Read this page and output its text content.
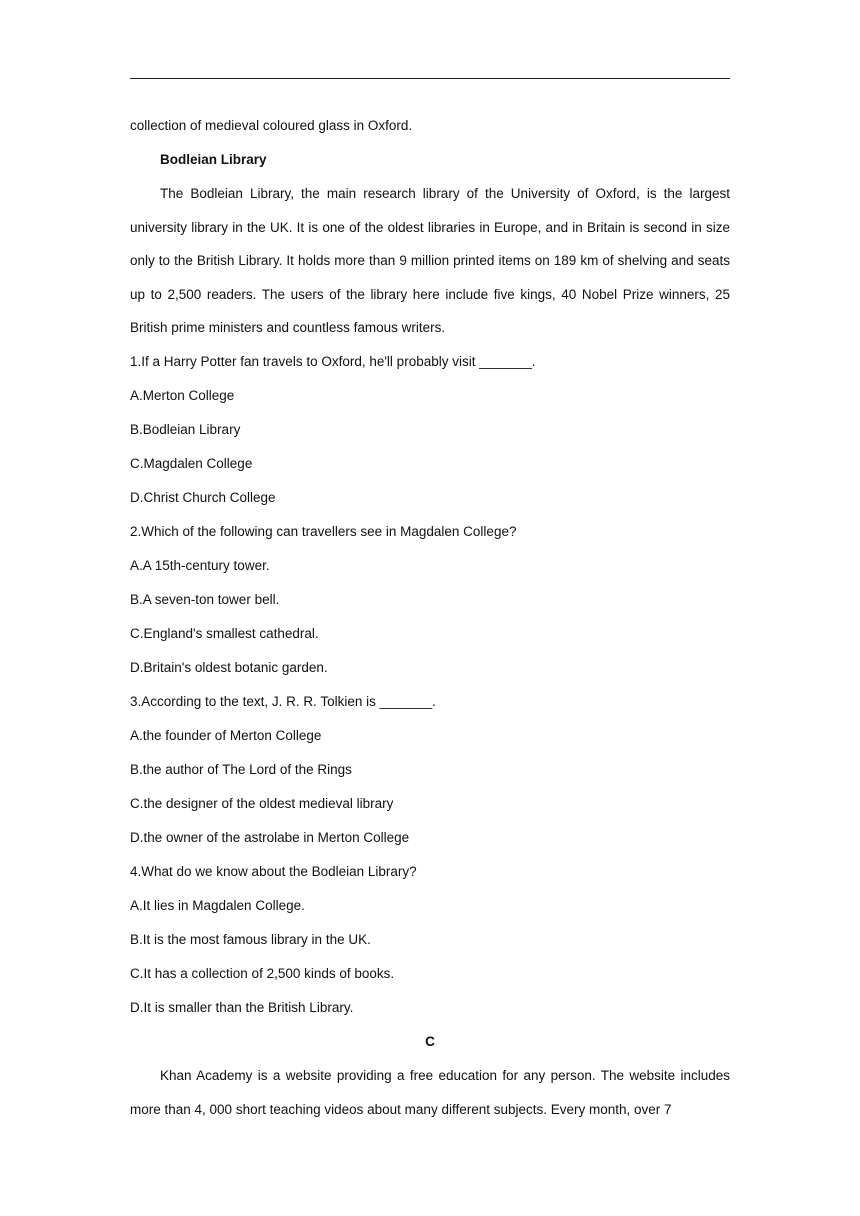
collection of medieval coloured glass in Oxford.
Bodleian Library

The Bodleian Library, the main research library of the University of Oxford, is the largest university library in the UK. It is one of the oldest libraries in Europe, and in Britain is second in size only to the British Library. It holds more than 9 million printed items on 189 km of shelving and seats up to 2,500 readers. The users of the library here include five kings, 40 Nobel Prize winners, 25 British prime ministers and countless famous writers.

1.If a Harry Potter fan travels to Oxford, he'll probably visit _______.
A.Merton College
B.Bodleian Library
C.Magdalen College
D.Christ Church College
2.Which of the following can travellers see in Magdalen College?
A.A 15th-century tower.
B.A seven-ton tower bell.
C.England's smallest cathedral.
D.Britain's oldest botanic garden.
3.According to the text, J. R. R. Tolkien is _______.
A.the founder of Merton College
B.the author of The Lord of the Rings
C.the designer of the oldest medieval library
D.the owner of the astrolabe in Merton College
4.What do we know about the Bodleian Library?
A.It lies in Magdalen College.
B.It is the most famous library in the UK.
C.It has a collection of 2,500 kinds of books.
D.It is smaller than the British Library.
C

Khan Academy is a website providing a free education for any person. The website includes more than 4, 000 short teaching videos about many different subjects. Every month, over 7
